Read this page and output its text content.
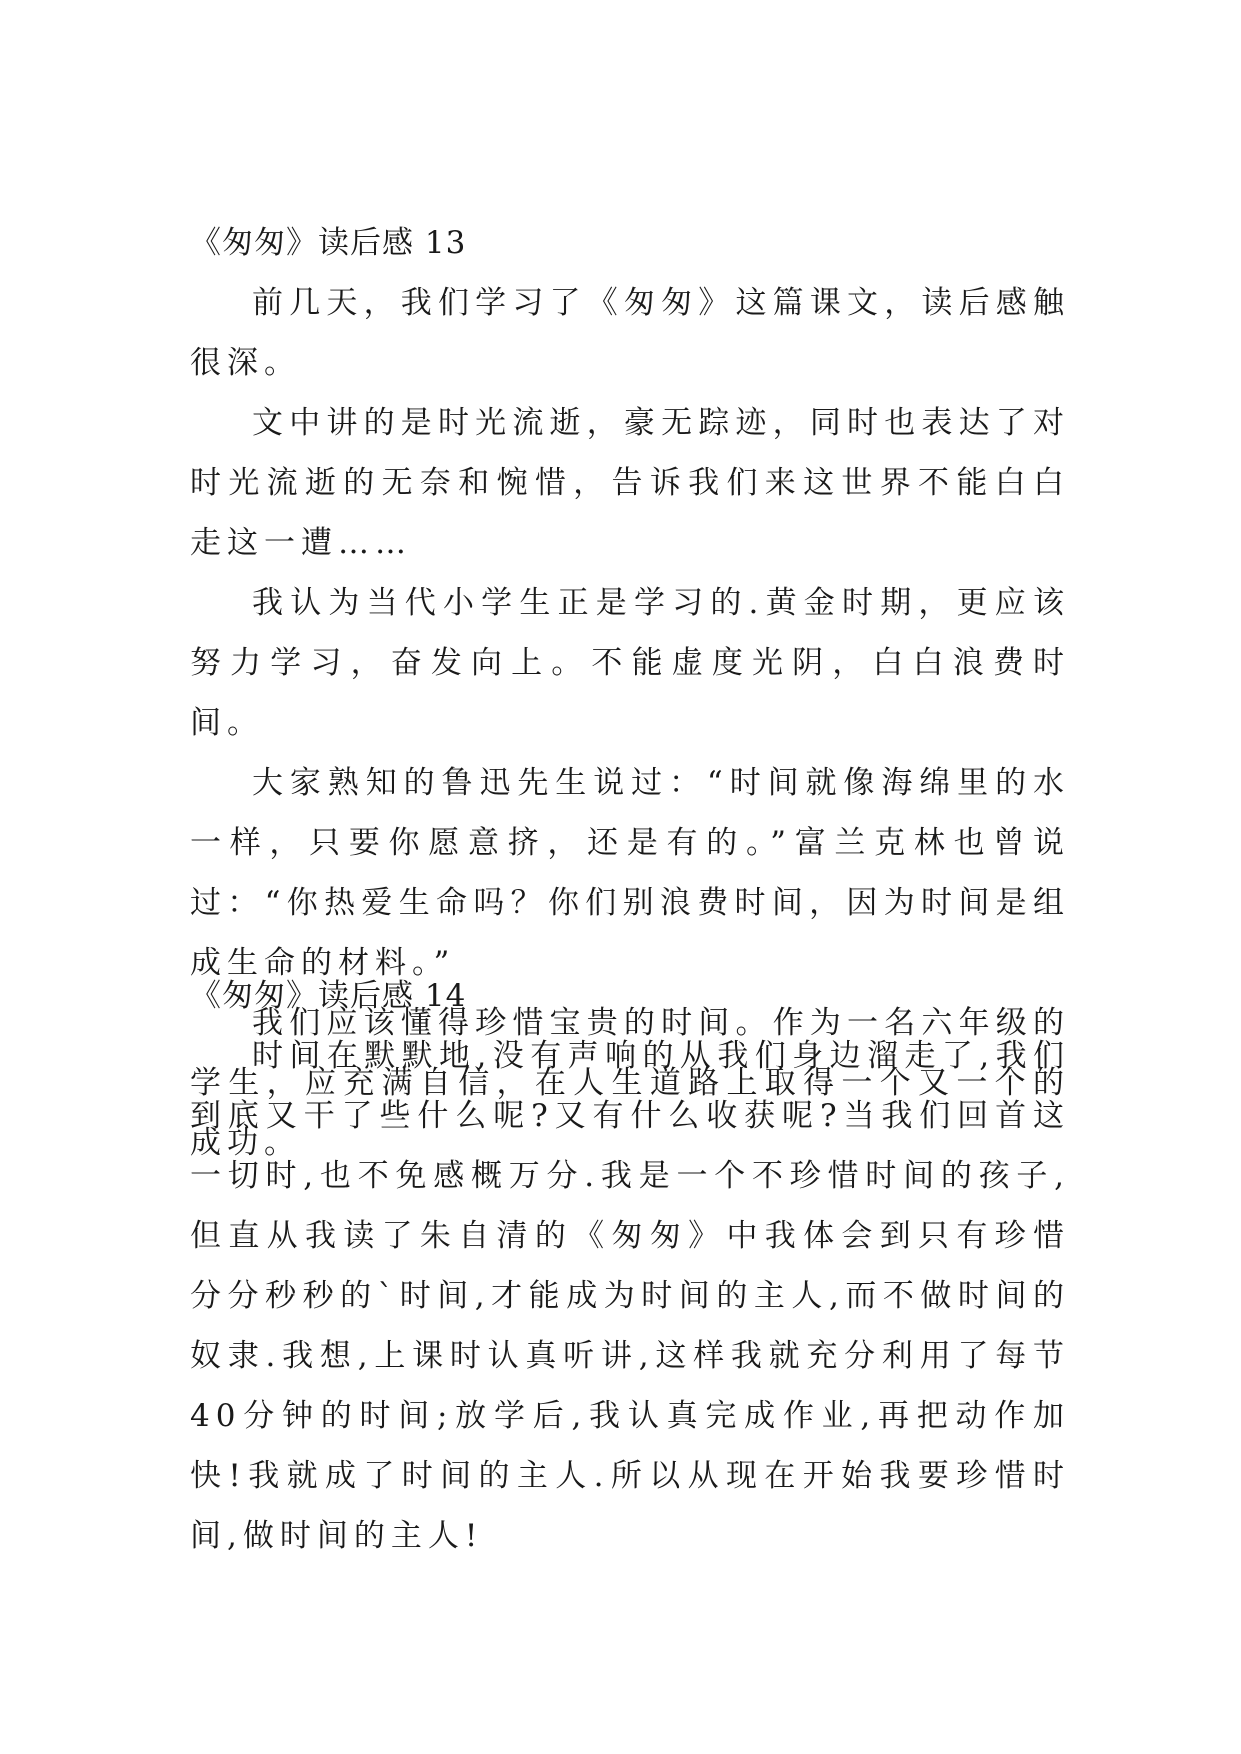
《匆匆》读后感 13

前几天，我们学习了《匆匆》这篇课文，读后感触很深。

文中讲的是时光流逝，豪无踪迹，同时也表达了对时光流逝的无奈和惋惜，告诉我们来这世界不能白白走这一遭……

我认为当代小学生正是学习的.黄金时期，更应该努力学习，奋发向上。不能虚度光阴，白白浪费时间。

大家熟知的鲁迅先生说过：“时间就像海绵里的水一样，只要你愿意挤，还是有的。”富兰克林也曾说过：“你热爱生命吗？你们别浪费时间，因为时间是组成生命的材料。”

我们应该懂得珍惜宝贵的时间。作为一名六年级的学生，应充满自信，在人生道路上取得一个又一个的成功。

《匆匆》读后感 14

时间在默默地,没有声响的从我们身边溜走了,我们到底又干了些什么呢?又有什么收获呢?当我们回首这一切时,也不免感概万分.我是一个不珍惜时间的孩子,但直从我读了朱自清的《匆匆》中我体会到只有珍惜分分秒秒的`时间,才能成为时间的主人,而不做时间的奴隶.我想,上课时认真听讲,这样我就充分利用了每节40分钟的时间;放学后,我认真完成作业,再把动作加快!我就成了时间的主人.所以从现在开始我要珍惜时间,做时间的主人!
